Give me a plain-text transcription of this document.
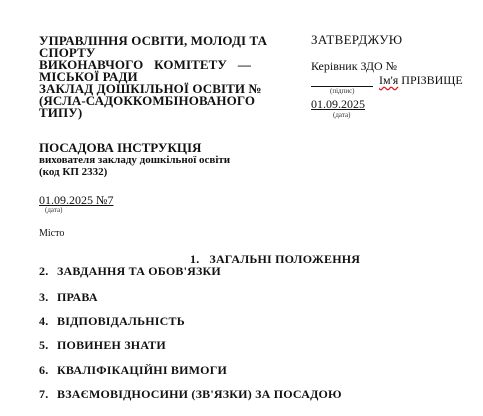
УПРАВЛІННЯ ОСВІТИ, МОЛОДІ ТА
СПОРТУ
ВИКОНАВЧОГО КОМІТЕТУ —
МІСЬКОЇ РАДИ
ЗАКЛАД ДОШКІЛЬНОЇ ОСВІТИ №
(ЯСЛА-САДОК КОМБІНОВАНОГО
ТИПУ)
ЗАТВЕРДЖУЮ
Керівник ЗДО №
Ім'я ПРІЗВИЩЕ
(підпис)
01.09.2025
(дата)
ПОСАДОВА ІНСТРУКЦІЯ
вихователя закладу дошкільної освіти
(код КП 2332)
01.09.2025 №7
(дата)
Місто
1. ЗАГАЛЬНІ ПОЛОЖЕННЯ
2. ЗАВДАННЯ ТА ОБОВ'ЯЗКИ
3. ПРАВА
4. ВІДПОВІДАЛЬНІСТЬ
5. ПОВИНЕН ЗНАТИ
6. КВАЛІФІКАЦІЙНІ ВИМОГИ
7. ВЗАЄМОВІДНОСИНИ (ЗВ'ЯЗКИ) ЗА ПОСАДОЮ
